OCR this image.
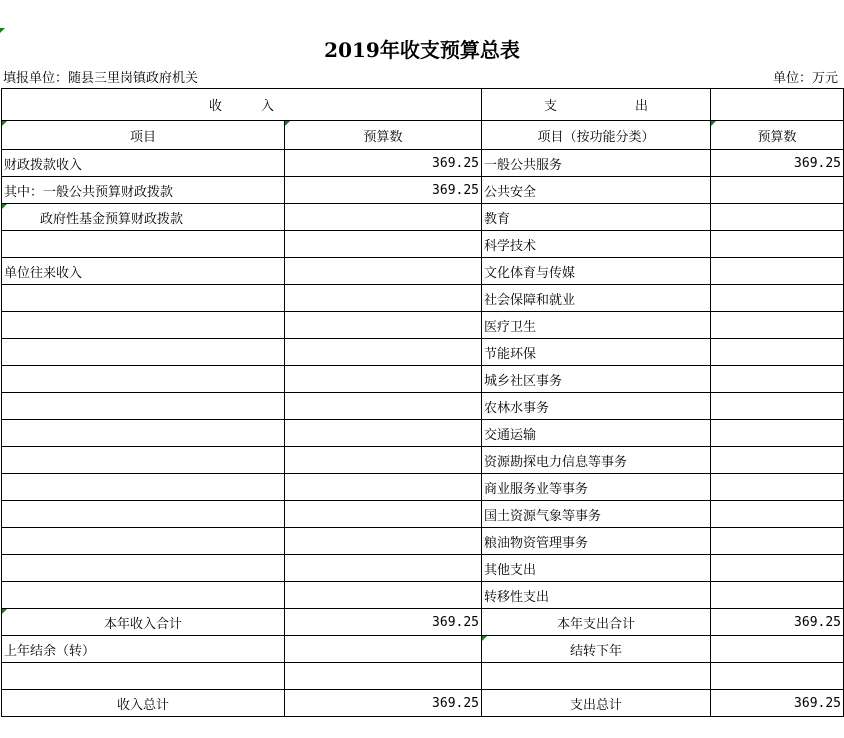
2019年收支预算总表
填报单位：随县三里岗镇政府机关	单位：万元
收　　　入		支　　　　　　出	
项目	预算数	项目（按功能分类）	预算数
财政拨款收入	369.25	一般公共服务	369.25
其中：一般公共预算财政拨款	369.25	公共安全	
政府性基金预算财政拨款		教育	
		科学技术	
单位往来收入		文化体育与传媒	
		社会保障和就业	
		医疗卫生	
		节能环保	
		城乡社区事务	
		农林水事务	
		交通运输	
		资源勘探电力信息等事务	
		商业服务业等事务	
		国土资源气象等事务	
		粮油物资管理事务	
		其他支出	
		转移性支出	
本年收入合计	369.25	本年支出合计	369.25
上年结余（转）		结转下年	

收入总计	369.25	支出总计	369.25
